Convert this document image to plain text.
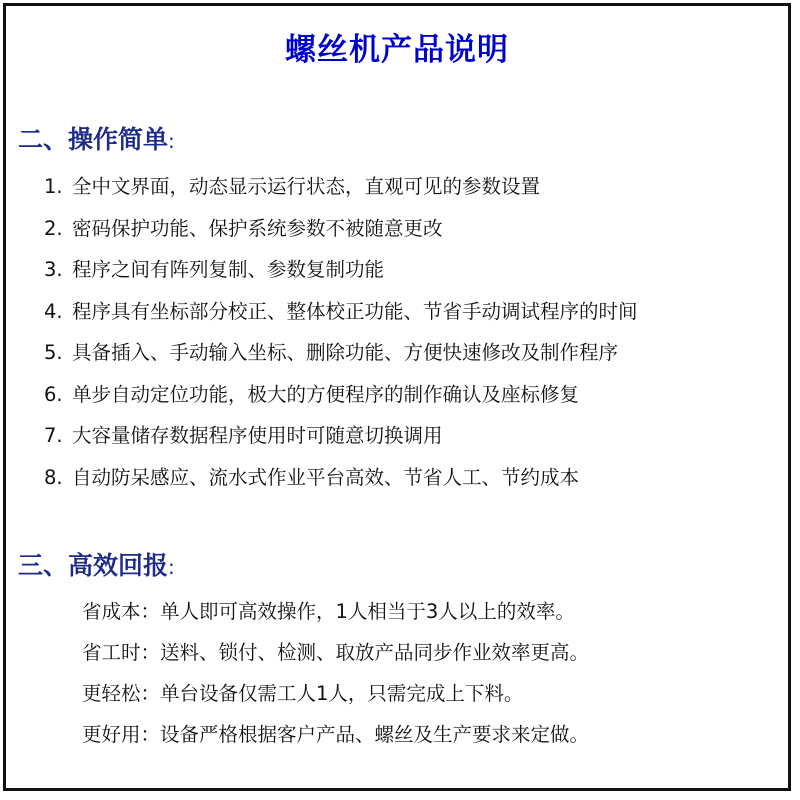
螺丝机产品说明
二、操作简单:
1. 全中文界面，动态显示运行状态，直观可见的参数设置
2. 密码保护功能、保护系统参数不被随意更改
3. 程序之间有阵列复制、参数复制功能
4. 程序具有坐标部分校正、整体校正功能、节省手动调试程序的时间
5. 具备插入、手动输入坐标、删除功能、方便快速修改及制作程序
6. 单步自动定位功能，极大的方便程序的制作确认及座标修复
7. 大容量储存数据程序使用时可随意切换调用
8. 自动防呆感应、流水式作业平台高效、节省人工、节约成本
三、高效回报:
省成本：单人即可高效操作，1人相当于3人以上的效率。
省工时：送料、锁付、检测、取放产品同步作业效率更高。
更轻松：单台设备仅需工人1人，只需完成上下料。
更好用：设备严格根据客户产品、螺丝及生产要求来定做。
